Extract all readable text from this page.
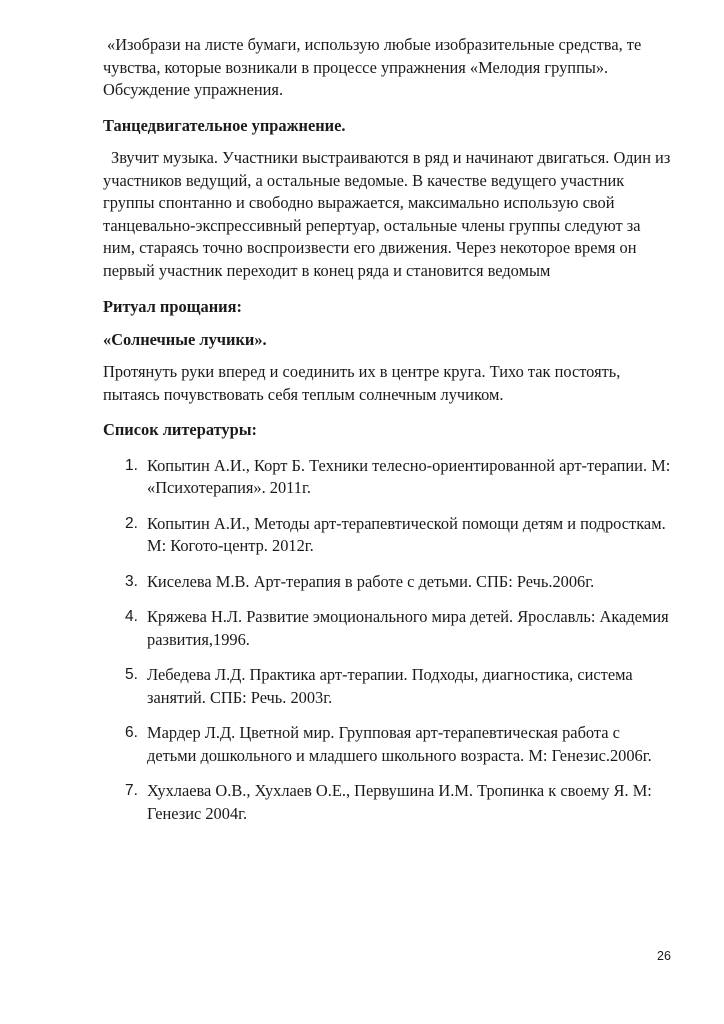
«Изобрази на листе бумаги, использую любые изобразительные средства, те чувства, которые возникали в процессе упражнения «Мелодия группы». Обсуждение упражнения.

Танцедвигательное упражнение.

Звучит музыка. Участники выстраиваются в ряд и начинают двигаться. Один из участников ведущий, а остальные ведомые. В качестве ведущего участник группы спонтанно и свободно выражается, максимально использую свой танцевально-экспрессивный репертуар, остальные члены группы следуют за ним, стараясь точно воспроизвести его движения. Через некоторое время он первый участник переходит в конец ряда и становится ведомым

Ритуал прощания:

«Солнечные лучики».

Протянуть руки вперед и соединить их в центре круга. Тихо так постоять, пытаясь почувствовать себя теплым солнечным лучиком.

Список литературы:

1. Копытин А.И., Корт Б. Техники телесно-ориентированной арт-терапии. М: «Психотерапия». 2011г.
2. Копытин А.И., Методы арт-терапевтической помощи детям и подросткам. М: Когото-центр. 2012г.
3. Киселева М.В. Арт-терапия в работе с детьми. СПБ: Речь.2006г.
4. Кряжева Н.Л. Развитие эмоционального мира детей. Ярославль: Академия развития,1996.
5. Лебедева Л.Д. Практика арт-терапии. Подходы, диагностика, система занятий. СПБ: Речь. 2003г.
6. Мардер Л.Д. Цветной мир. Групповая арт-терапевтическая работа с детьми дошкольного и младшего школьного возраста. М: Генезис.2006г.
7. Хухлаева О.В., Хухлаев О.Е., Первушина И.М. Тропинка к своему Я. М: Генезис 2004г.
26
